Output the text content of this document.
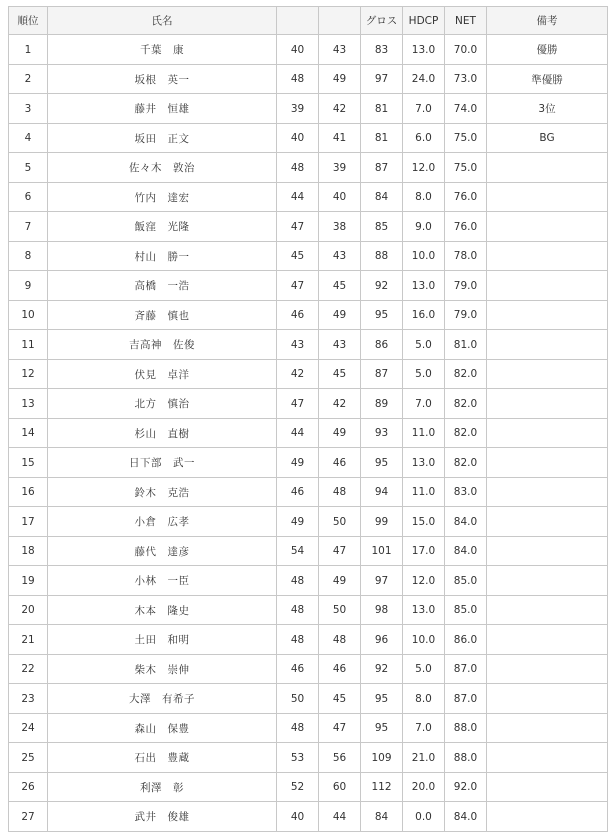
順位	氏名			グロス	HDCP	NET	備考
1	千葉　康	40	43	83	13.0	70.0	優勝
2	坂根　英一	48	49	97	24.0	73.0	準優勝
3	藤井　恒雄	39	42	81	7.0	74.0	3位
4	坂田　正文	40	41	81	6.0	75.0	BG
5	佐々木　敦治	48	39	87	12.0	75.0	
6	竹内　達宏	44	40	84	8.0	76.0	
7	飯窪　光隆	47	38	85	9.0	76.0	
8	村山　勝一	45	43	88	10.0	78.0	
9	高橋　一浩	47	45	92	13.0	79.0	
10	斉藤　慎也	46	49	95	16.0	79.0	
11	吉高神　佐俊	43	43	86	5.0	81.0	
12	伏見　卓洋	42	45	87	5.0	82.0	
13	北方　慎治	47	42	89	7.0	82.0	
14	杉山　直樹	44	49	93	11.0	82.0	
15	日下部　武一	49	46	95	13.0	82.0	
16	鈴木　克浩	46	48	94	11.0	83.0	
17	小倉　広孝	49	50	99	15.0	84.0	
18	藤代　達彦	54	47	101	17.0	84.0	
19	小林　一臣	48	49	97	12.0	85.0	
20	木本　隆史	48	50	98	13.0	85.0	
21	土田　和明	48	48	96	10.0	86.0	
22	柴木　崇伸	46	46	92	5.0	87.0	
23	大澤　有希子	50	45	95	8.0	87.0	
24	森山　保豊	48	47	95	7.0	88.0	
25	石出　豊蔵	53	56	109	21.0	88.0	
26	利澤　彰	52	60	112	20.0	92.0	
27	武井　俊雄	40	44	84	0.0	84.0	
